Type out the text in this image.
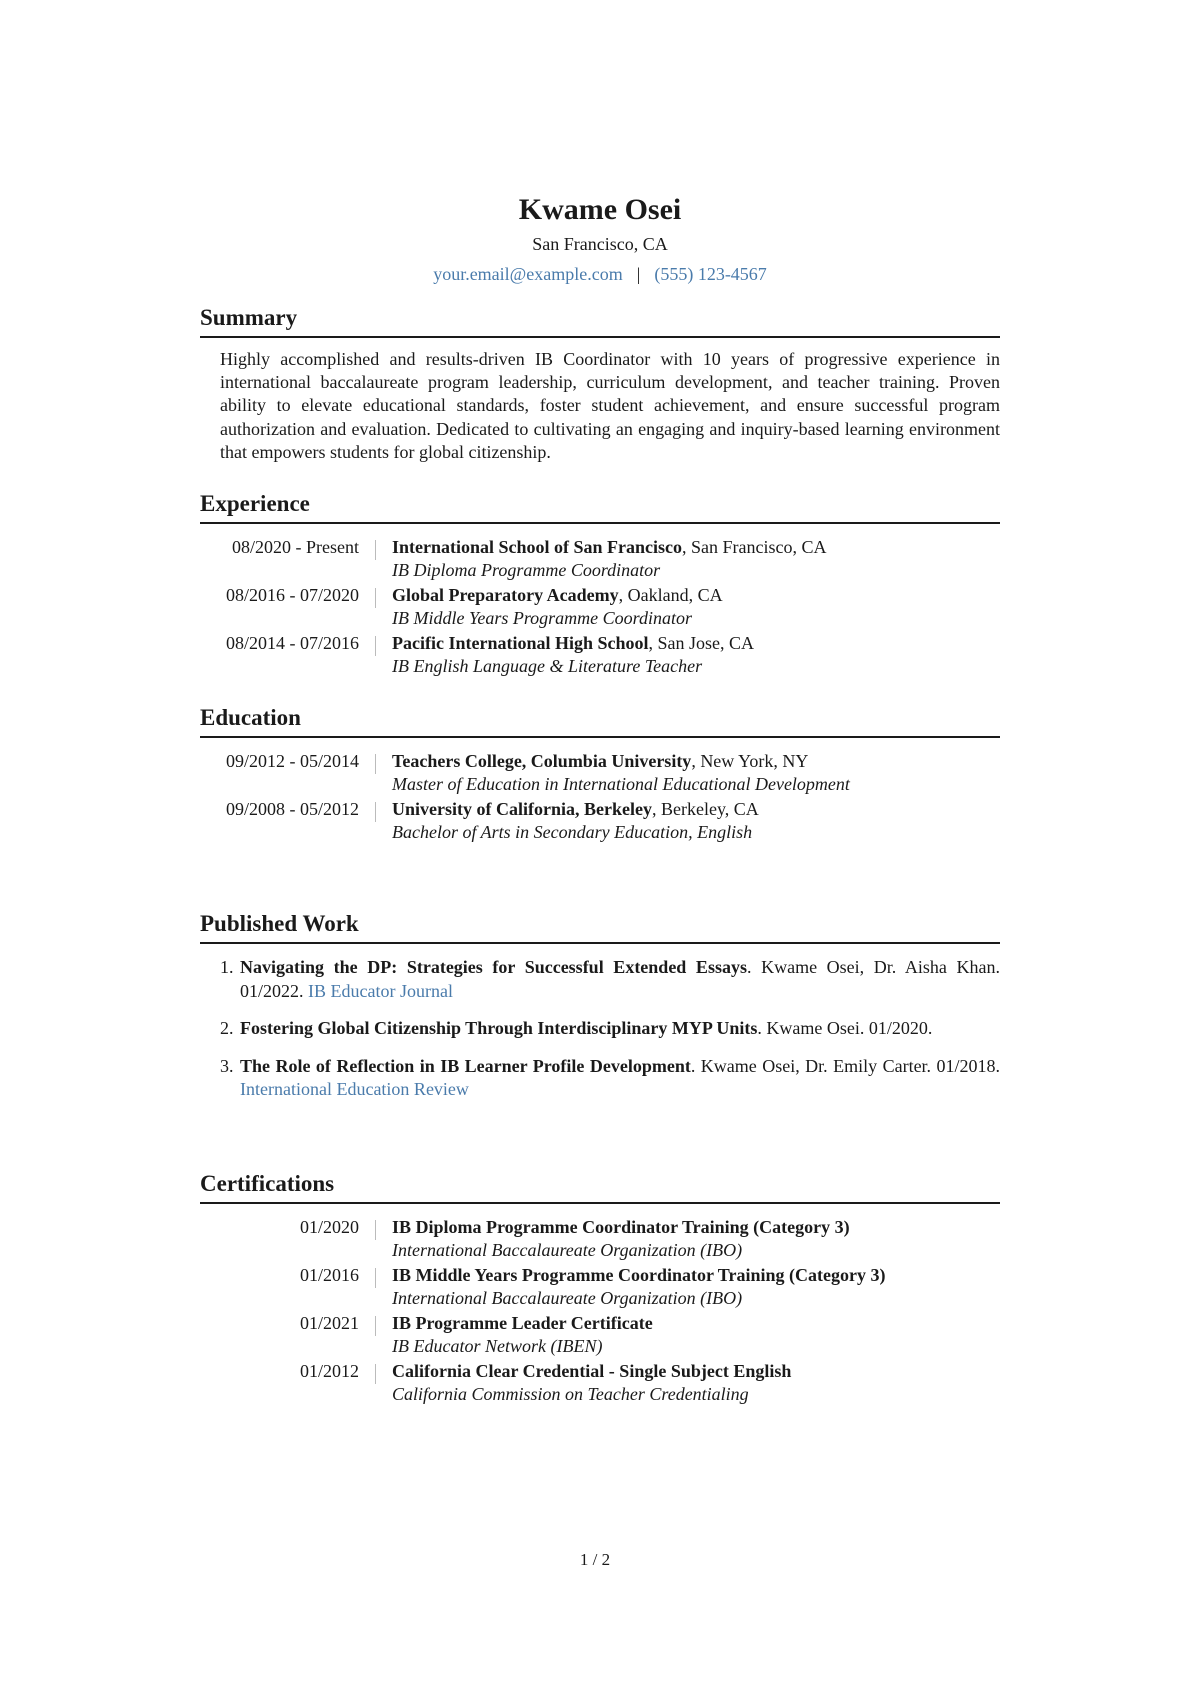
Kwame Osei
San Francisco, CA
your.email@example.com | (555) 123-4567
Summary
Highly accomplished and results-driven IB Coordinator with 10 years of progressive experience in international baccalaureate program leadership, curriculum development, and teacher training. Proven ability to elevate educational standards, foster student achievement, and ensure successful program authorization and evaluation. Dedicated to cultivating an engaging and inquiry-based learning environment that empowers students for global citizenship.
Experience
08/2020 - Present	International School of San Francisco, San Francisco, CA
IB Diploma Programme Coordinator
08/2016 - 07/2020	Global Preparatory Academy, Oakland, CA
IB Middle Years Programme Coordinator
08/2014 - 07/2016	Pacific International High School, San Jose, CA
IB English Language & Literature Teacher
Education
09/2012 - 05/2014	Teachers College, Columbia University, New York, NY
Master of Education in International Educational Development
09/2008 - 05/2012	University of California, Berkeley, Berkeley, CA
Bachelor of Arts in Secondary Education, English
Published Work
1. Navigating the DP: Strategies for Successful Extended Essays. Kwame Osei, Dr. Aisha Khan. 01/2022. IB Educator Journal
2. Fostering Global Citizenship Through Interdisciplinary MYP Units. Kwame Osei. 01/2020.
3. The Role of Reflection in IB Learner Profile Development. Kwame Osei, Dr. Emily Carter. 01/2018. International Education Review
Certifications
01/2020	IB Diploma Programme Coordinator Training (Category 3)
International Baccalaureate Organization (IBO)
01/2016	IB Middle Years Programme Coordinator Training (Category 3)
International Baccalaureate Organization (IBO)
01/2021	IB Programme Leader Certificate
IB Educator Network (IBEN)
01/2012	California Clear Credential - Single Subject English
California Commission on Teacher Credentialing
1 / 2
